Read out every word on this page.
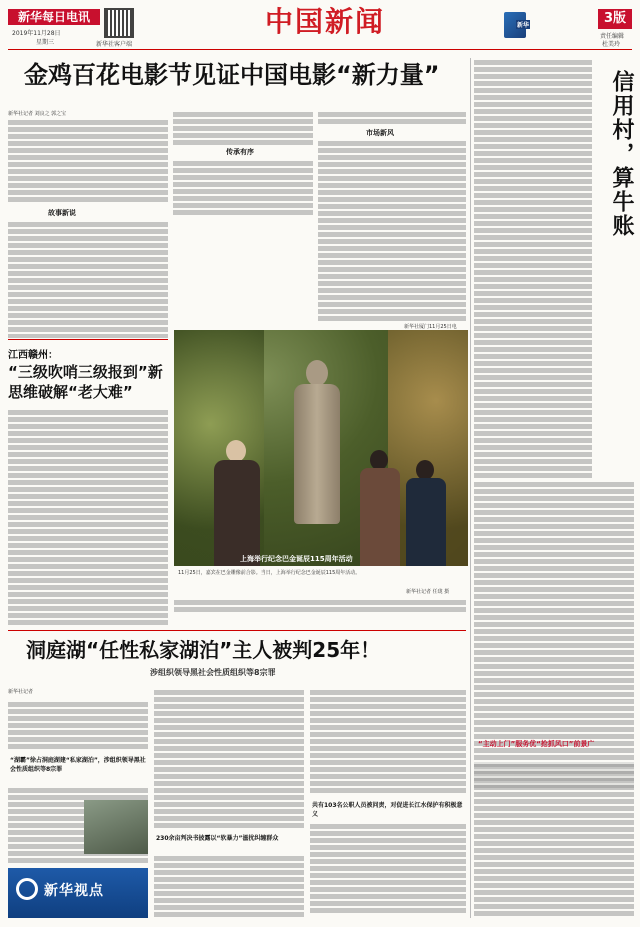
新华每日电讯
2019年11月28日
星期三	新华社客户端
中国新闻	新华	3版
责任编辑
杜美玲
金鸡百花电影节见证中国电影“新力量”
新华社记者 刘良之 郭之宝
故事新说
传承有序
市场新风
新华社厦门11月25日电
信用村，算牛账
“主动上门”服务优“抢抓风口”前景广
江西赣州：
“三级吹哨三级报到”新思维破解“老大难”
上海举行纪念巴金诞辰115周年活动
11月25日，嘉宾在巴金雕像前合影。当日，上海举行纪念巴金诞辰115周年活动。
新华社记者 任珑 摄
洞庭湖“任性私家湖泊”主人被判25年！
涉组织领导黑社会性质组织等8宗罪
新华社记者
“湖霸”徐占洞庭湖建“私家湖泊”，涉组织领导黑社会性质组织等8宗罪
230余亩判决书披露以“软暴力”滋扰纠缠群众
共有103名公职人员被问责，对促进长江水保护有积极意义
新华视点
